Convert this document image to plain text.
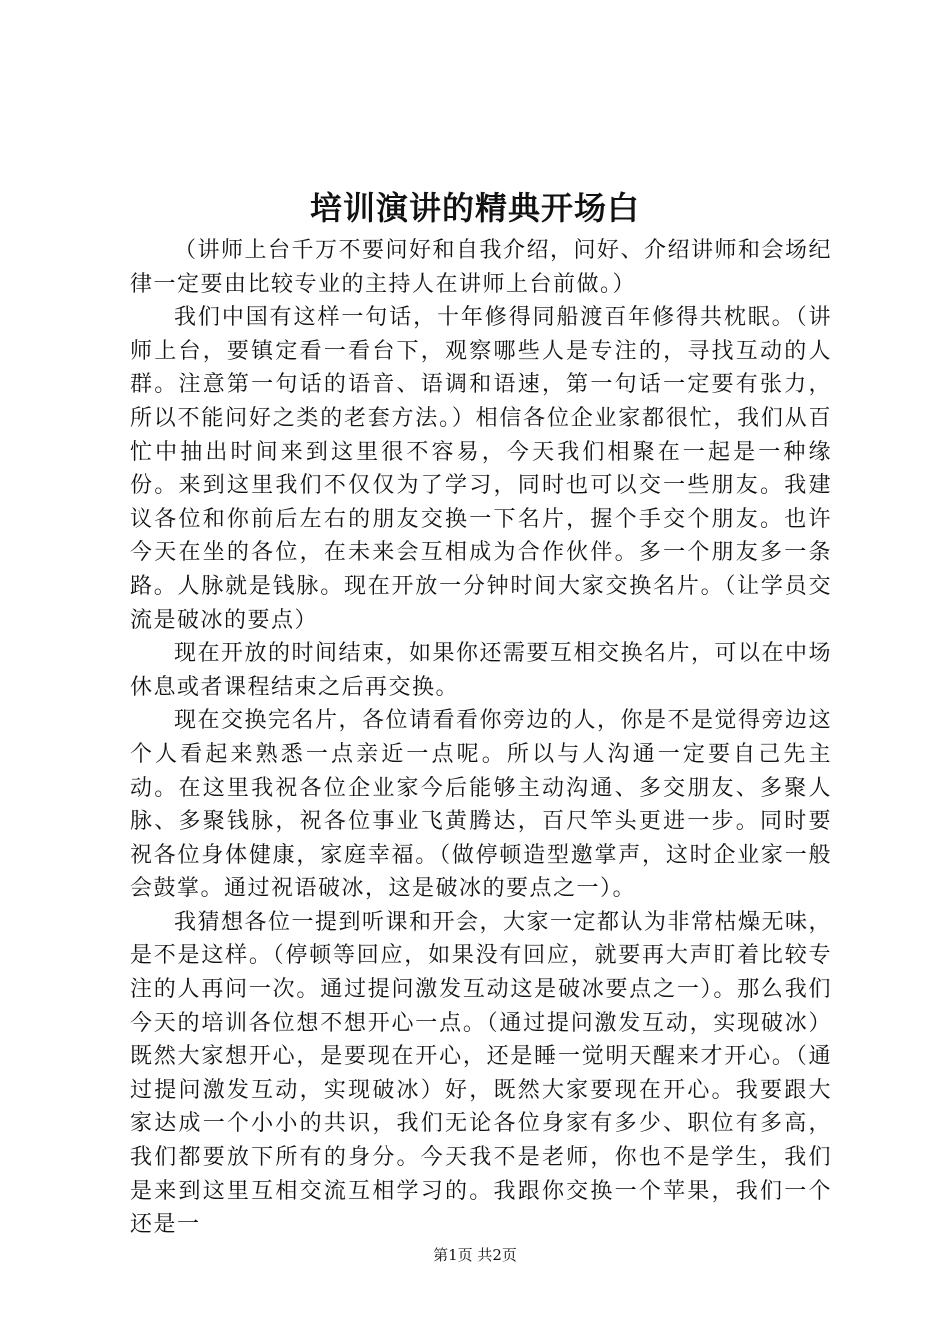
培训演讲的精典开场白

（讲师上台千万不要问好和自我介绍，问好、介绍讲师和会场纪律一定要由比较专业的主持人在讲师上台前做。）

我们中国有这样一句话，十年修得同船渡百年修得共枕眠。（讲师上台，要镇定看一看台下，观察哪些人是专注的，寻找互动的人群。注意第一句话的语音、语调和语速，第一句话一定要有张力，所以不能问好之类的老套方法。）相信各位企业家都很忙，我们从百忙中抽出时间来到这里很不容易，今天我们相聚在一起是一种缘份。来到这里我们不仅仅为了学习，同时也可以交一些朋友。我建议各位和你前后左右的朋友交换一下名片，握个手交个朋友。也许今天在坐的各位，在未来会互相成为合作伙伴。多一个朋友多一条路。人脉就是钱脉。现在开放一分钟时间大家交换名片。（让学员交流是破冰的要点）

现在开放的时间结束，如果你还需要互相交换名片，可以在中场休息或者课程结束之后再交换。

现在交换完名片，各位请看看你旁边的人，你是不是觉得旁边这个人看起来熟悉一点亲近一点呢。所以与人沟通一定要自己先主动。在这里我祝各位企业家今后能够主动沟通、多交朋友、多聚人脉、多聚钱脉，祝各位事业飞黄腾达，百尺竿头更进一步。同时要祝各位身体健康，家庭幸福。（做停顿造型邀掌声，这时企业家一般会鼓掌。通过祝语破冰，这是破冰的要点之一）。

我猜想各位一提到听课和开会，大家一定都认为非常枯燥无味，是不是这样。（停顿等回应，如果没有回应，就要再大声盯着比较专注的人再问一次。通过提问激发互动这是破冰要点之一）。那么我们今天的培训各位想不想开心一点。（通过提问激发互动，实现破冰）既然大家想开心，是要现在开心，还是睡一觉明天醒来才开心。（通过提问激发互动，实现破冰）好，既然大家要现在开心。我要跟大家达成一个小小的共识，我们无论各位身家有多少、职位有多高，我们都要放下所有的身分。今天我不是老师，你也不是学生，我们是来到这里互相交流互相学习的。我跟你交换一个苹果，我们一个还是一

第1页 共2页
